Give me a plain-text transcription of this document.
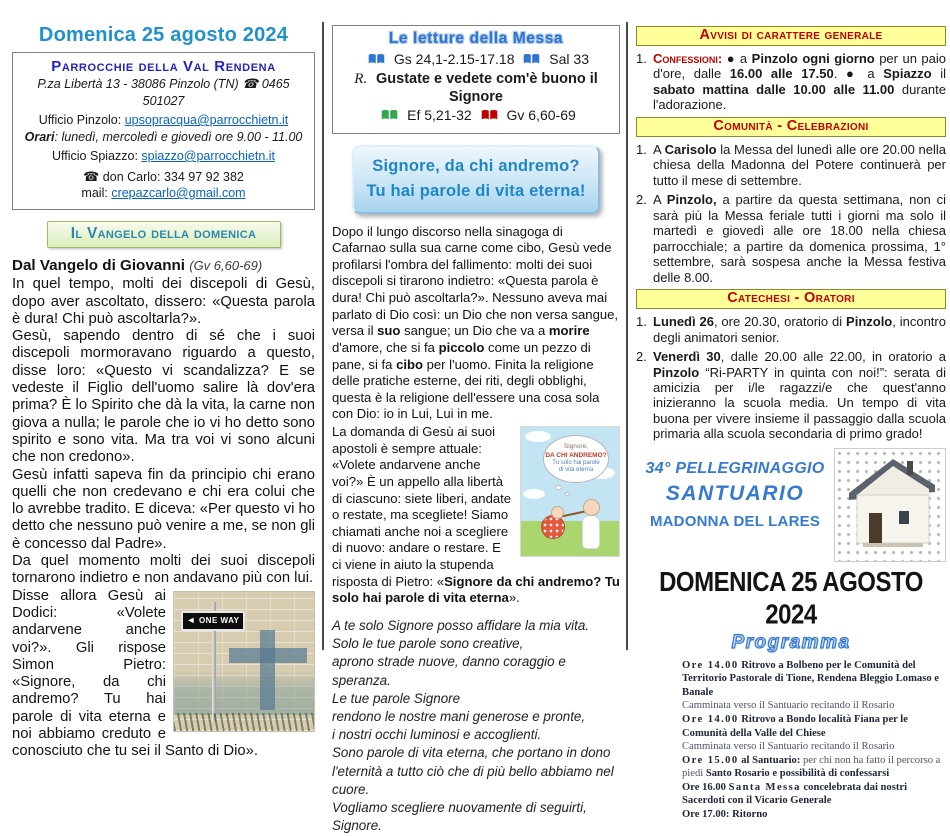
Domenica 25 agosto 2024
Parrocchie della Val Rendena
P.za Libertà 13 - 38086 Pinzolo (TN) ☎ 0465 501027
Ufficio Pinzolo: upsopracqua@parrocchietn.it
Orari: lunedì, mercoledì e giovedì ore 9.00 - 11.00
Ufficio Spiazzo: spiazzo@parrocchietn.it
☎ don Carlo: 334 97 92 382
mail: crepazcarlo@gmail.com
Il Vangelo della domenica
Dal Vangelo di Giovanni (Gv 6,60-69)

In quel tempo, molti dei discepoli di Gesù, dopo aver ascoltato, dissero: «Questa parola è dura! Chi può ascoltarla?».

Gesù, sapendo dentro di sé che i suoi discepoli mormoravano riguardo a questo, disse loro: «Questo vi scandalizza? E se vedeste il Figlio dell'uomo salire là dov'era prima? È lo Spirito che dà la vita, la carne non giova a nulla; le parole che io vi ho detto sono spirito e sono vita. Ma tra voi vi sono alcuni che non credono».

Gesù infatti sapeva fin da principio chi erano quelli che non credevano e chi era colui che lo avrebbe tradito. E diceva: «Per questo vi ho detto che nessuno può venire a me, se non gli è concesso dal Padre».

Da quel momento molti dei suoi discepoli tornarono indietro e non andavano più con lui.

◄ ONE WAY

Disse allora Gesù ai Dodici: «Volete andarvene anche voi?». Gli rispose Simon Pietro: «Signore, da chi andremo? Tu hai parole di vita eterna e noi abbiamo creduto e conosciuto che tu sei il Santo di Dio».

Le letture della Messa
Gs 24,1-2.15-17.18 Sal 33
R. Gustate e vedete com'è buono il Signore
Ef 5,21-32 Gv 6,60-69
Signore, da chi andremo?
Tu hai parole di vita eterna!

Dopo il lungo discorso nella sinagoga di Cafarnao sulla sua carne come cibo, Gesù vede profilarsi l'ombra del fallimento: molti dei suoi discepoli si tirarono indietro: «Questa parola è dura! Chi può ascoltarla?». Nessuno aveva mai parlato di Dio così: un Dio che non versa sangue, versa il suo sangue; un Dio che va a morire d'amore, che si fa piccolo come un pezzo di pane, si fa cibo per l'uomo. Finita la religione delle pratiche esterne, dei riti, degli obblighi, questa è la religione dell'essere una cosa sola con Dio: io in Lui, Lui in me.

Signore,
DA CHI ANDREMO?
Tu solo hai parole
di vita eterna

La domanda di Gesù ai suoi apostoli è sempre attuale: «Volete andarvene anche voi?» È un appello alla libertà di ciascuno: siete liberi, andate o restate, ma scegliete! Siamo chiamati anche noi a scegliere di nuovo: andare o restare. E ci viene in aiuto la stupenda risposta di Pietro: «Signore da chi andremo? Tu solo hai parole di vita eterna».

A te solo Signore posso affidare la mia vita.
Solo le tue parole sono creative,
aprono strade nuove, danno coraggio e speranza.
Le tue parole Signore
rendono le nostre mani generose e pronte,
i nostri occhi luminosi e accoglienti.
Sono parole di vita eterna, che portano in dono
l'eternità a tutto ciò che di più bello abbiamo nel cuore.
Vogliamo scegliere nuovamente di seguirti, Signore.
Avvisi di carattere generale
1. Confessioni: ● a Pinzolo ogni giorno per un paio d'ore, dalle 16.00 alle 17.50. ● a Spiazzo il sabato mattina dalle 10.00 alle 11.00 durante l'adorazione.
Comunità - Celebrazioni
1. A Carisolo la Messa del lunedì alle ore 20.00 nella chiesa della Madonna del Potere continuerà per tutto il mese di settembre.
2. A Pinzolo, a partire da questa settimana, non ci sarà più la Messa feriale tutti i giorni ma solo il martedì e giovedì alle ore 18.00 nella chiesa parrocchiale; a partire da domenica prossima, 1° settembre, sarà sospesa anche la Messa festiva delle 8.00.
Catechesi - Oratori
1. Lunedì 26, ore 20.30, oratorio di Pinzolo, incontro degli animatori senior.
2. Venerdì 30, dalle 20.00 alle 22.00, in oratorio a Pinzolo “Ri-PARTY in quinta con noi!”: serata di amicizia per i/le ragazzi/e che quest'anno inizieranno la scuola media. Un tempo di vita buona per vivere insieme il passaggio dalla scuola primaria alla scuola secondaria di primo grado!
34° PELLEGRINAGGIO
SANTUARIO
MADONNA DEL LARES
DOMENICA 25 AGOSTO 2024
Programma
Ore 14.00 Ritrovo a Bolbeno per le Comunità del Territorio Pastorale di Tione, Rendena Bleggio Lomaso e Banale
Camminata verso il Santuario recitando il Rosario
Ore 14.00 Ritrovo a Bondo località Fiana per le Comunità della Valle del Chiese
Camminata verso il Santuario recitando il Rosario
Ore 15.00 al Santuario: per chi non ha fatto il percorso a piedi Santo Rosario e possibilità di confessarsi
Ore 16.00 Santa Messa concelebrata dai nostri Sacerdoti con il Vicario Generale
Ore 17.00: Ritorno
